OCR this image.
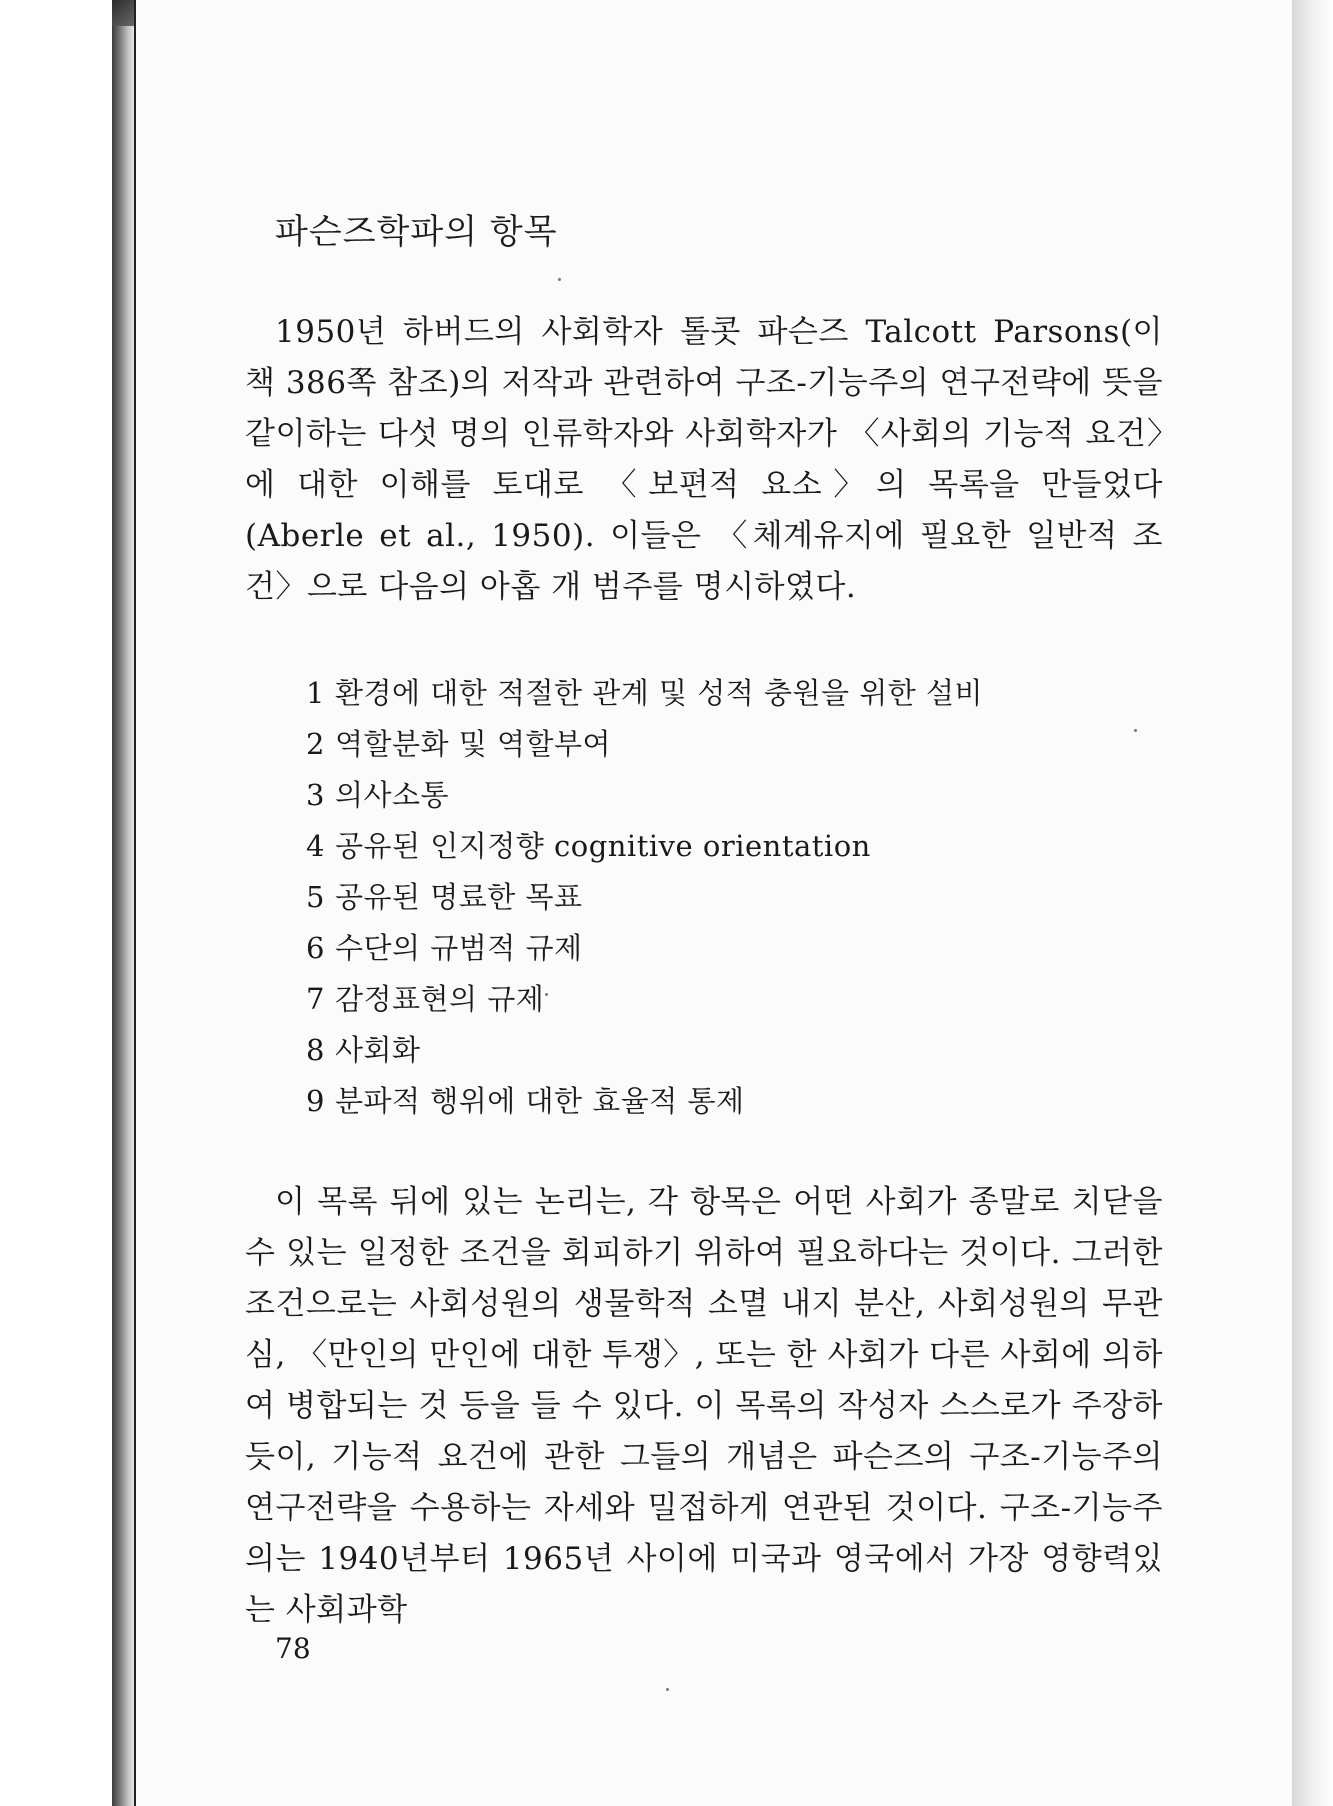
파슨즈학파의 항목
1950년 하버드의 사회학자 톨콧 파슨즈 Talcott Parsons(이 책 386쪽 참조)의 저작과 관련하여 구조-기능주의 연구전략에 뜻을 같이하는 다섯 명의 인류학자와 사회학자가 〈사회의 기능적 요건〉에 대한 이해를 토대로 〈보편적 요소〉의 목록을 만들었다(Aberle et al., 1950). 이들은 〈체계유지에 필요한 일반적 조건〉으로 다음의 아홉 개 범주를 명시하였다.
1 환경에 대한 적절한 관계 및 성적 충원을 위한 설비
2 역할분화 및 역할부여
3 의사소통
4 공유된 인지정향 cognitive orientation
5 공유된 명료한 목표
6 수단의 규범적 규제
7 감정표현의 규제
8 사회화
9 분파적 행위에 대한 효율적 통제
이 목록 뒤에 있는 논리는, 각 항목은 어떤 사회가 종말로 치닫을 수 있는 일정한 조건을 회피하기 위하여 필요하다는 것이다. 그러한 조건으로는 사회성원의 생물학적 소멸 내지 분산, 사회성원의 무관심, 〈만인의 만인에 대한 투쟁〉, 또는 한 사회가 다른 사회에 의하여 병합되는 것 등을 들 수 있다. 이 목록의 작성자 스스로가 주장하듯이, 기능적 요건에 관한 그들의 개념은 파슨즈의 구조-기능주의 연구전략을 수용하는 자세와 밀접하게 연관된 것이다. 구조-기능주의는 1940년부터 1965년 사이에 미국과 영국에서 가장 영향력있는 사회과학
78
